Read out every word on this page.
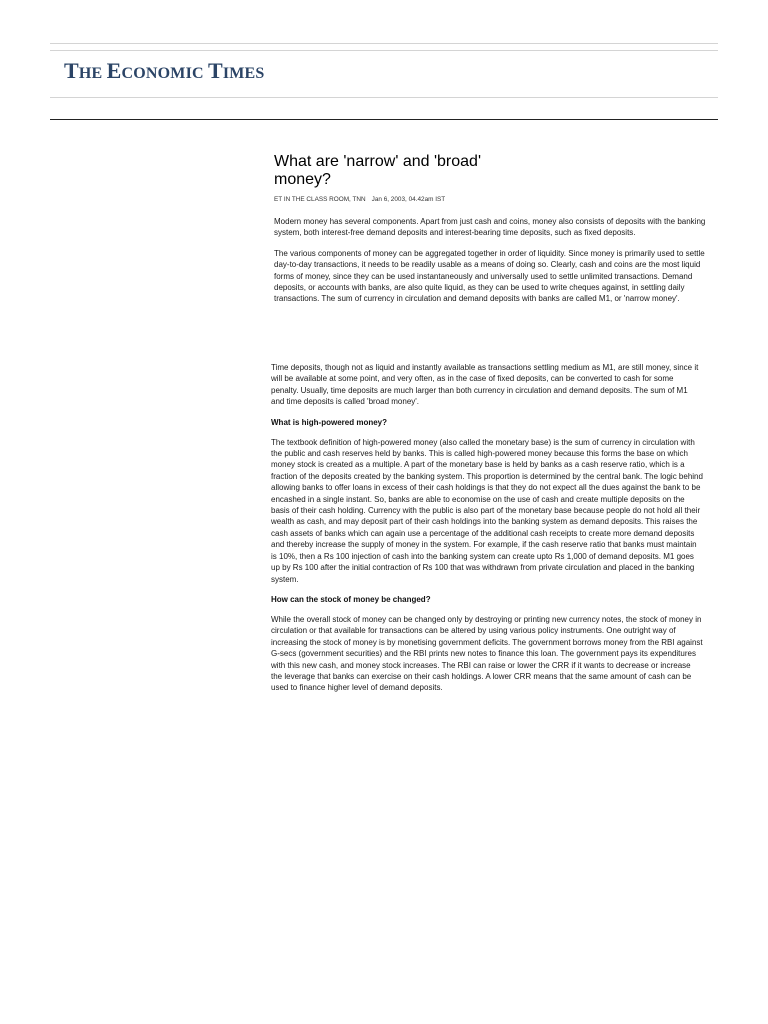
THE ECONOMIC TIMES
What are 'narrow' and 'broad' money?
ET IN THE CLASS ROOM, TNN Jan 6, 2003, 04.42am IST

Modern money has several components. Apart from just cash and coins, money also consists of deposits with the banking system, both interest-free demand deposits and interest-bearing time deposits, such as fixed deposits.

The various components of money can be aggregated together in order of liquidity. Since money is primarily used to settle day-to-day transactions, it needs to be readily usable as a means of doing so. Clearly, cash and coins are the most liquid forms of money, since they can be used instantaneously and universally used to settle unlimited transactions. Demand deposits, or accounts with banks, are also quite liquid, as they can be used to write cheques against, in settling daily transactions. The sum of currency in circulation and demand deposits with banks are called M1, or 'narrow money'.

Time deposits, though not as liquid and instantly available as transactions settling medium as M1, are still money, since it will be available at some point, and very often, as in the case of fixed deposits, can be converted to cash for some penalty. Usually, time deposits are much larger than both currency in circulation and demand deposits. The sum of M1 and time deposits is called 'broad money'.

What is high-powered money?

The textbook definition of high-powered money (also called the monetary base) is the sum of currency in circulation with the public and cash reserves held by banks. This is called high-powered money because this forms the base on which money stock is created as a multiple. A part of the monetary base is held by banks as a cash reserve ratio, which is a fraction of the deposits created by the banking system. This proportion is determined by the central bank. The logic behind allowing banks to offer loans in excess of their cash holdings is that they do not expect all the dues against the bank to be encashed in a single instant. So, banks are able to economise on the use of cash and create multiple deposits on the basis of their cash holding. Currency with the public is also part of the monetary base because people do not hold all their wealth as cash, and may deposit part of their cash holdings into the banking system as demand deposits. This raises the cash assets of banks which can again use a percentage of the additional cash receipts to create more demand deposits and thereby increase the supply of money in the system. For example, if the cash reserve ratio that banks must maintain is 10%, then a Rs 100 injection of cash into the banking system can create upto Rs 1,000 of demand deposits. M1 goes up by Rs 100 after the initial contraction of Rs 100 that was withdrawn from private circulation and placed in the banking system.

How can the stock of money be changed?

While the overall stock of money can be changed only by destroying or printing new currency notes, the stock of money in circulation or that available for transactions can be altered by using various policy instruments. One outright way of increasing the stock of money is by monetising government deficits. The government borrows money from the RBI against G-secs (government securities) and the RBI prints new notes to finance this loan. The government pays its expenditures with this new cash, and money stock increases. The RBI can raise or lower the CRR if it wants to decrease or increase the leverage that banks can exercise on their cash holdings. A lower CRR means that the same amount of cash can be used to finance higher level of demand deposits.
